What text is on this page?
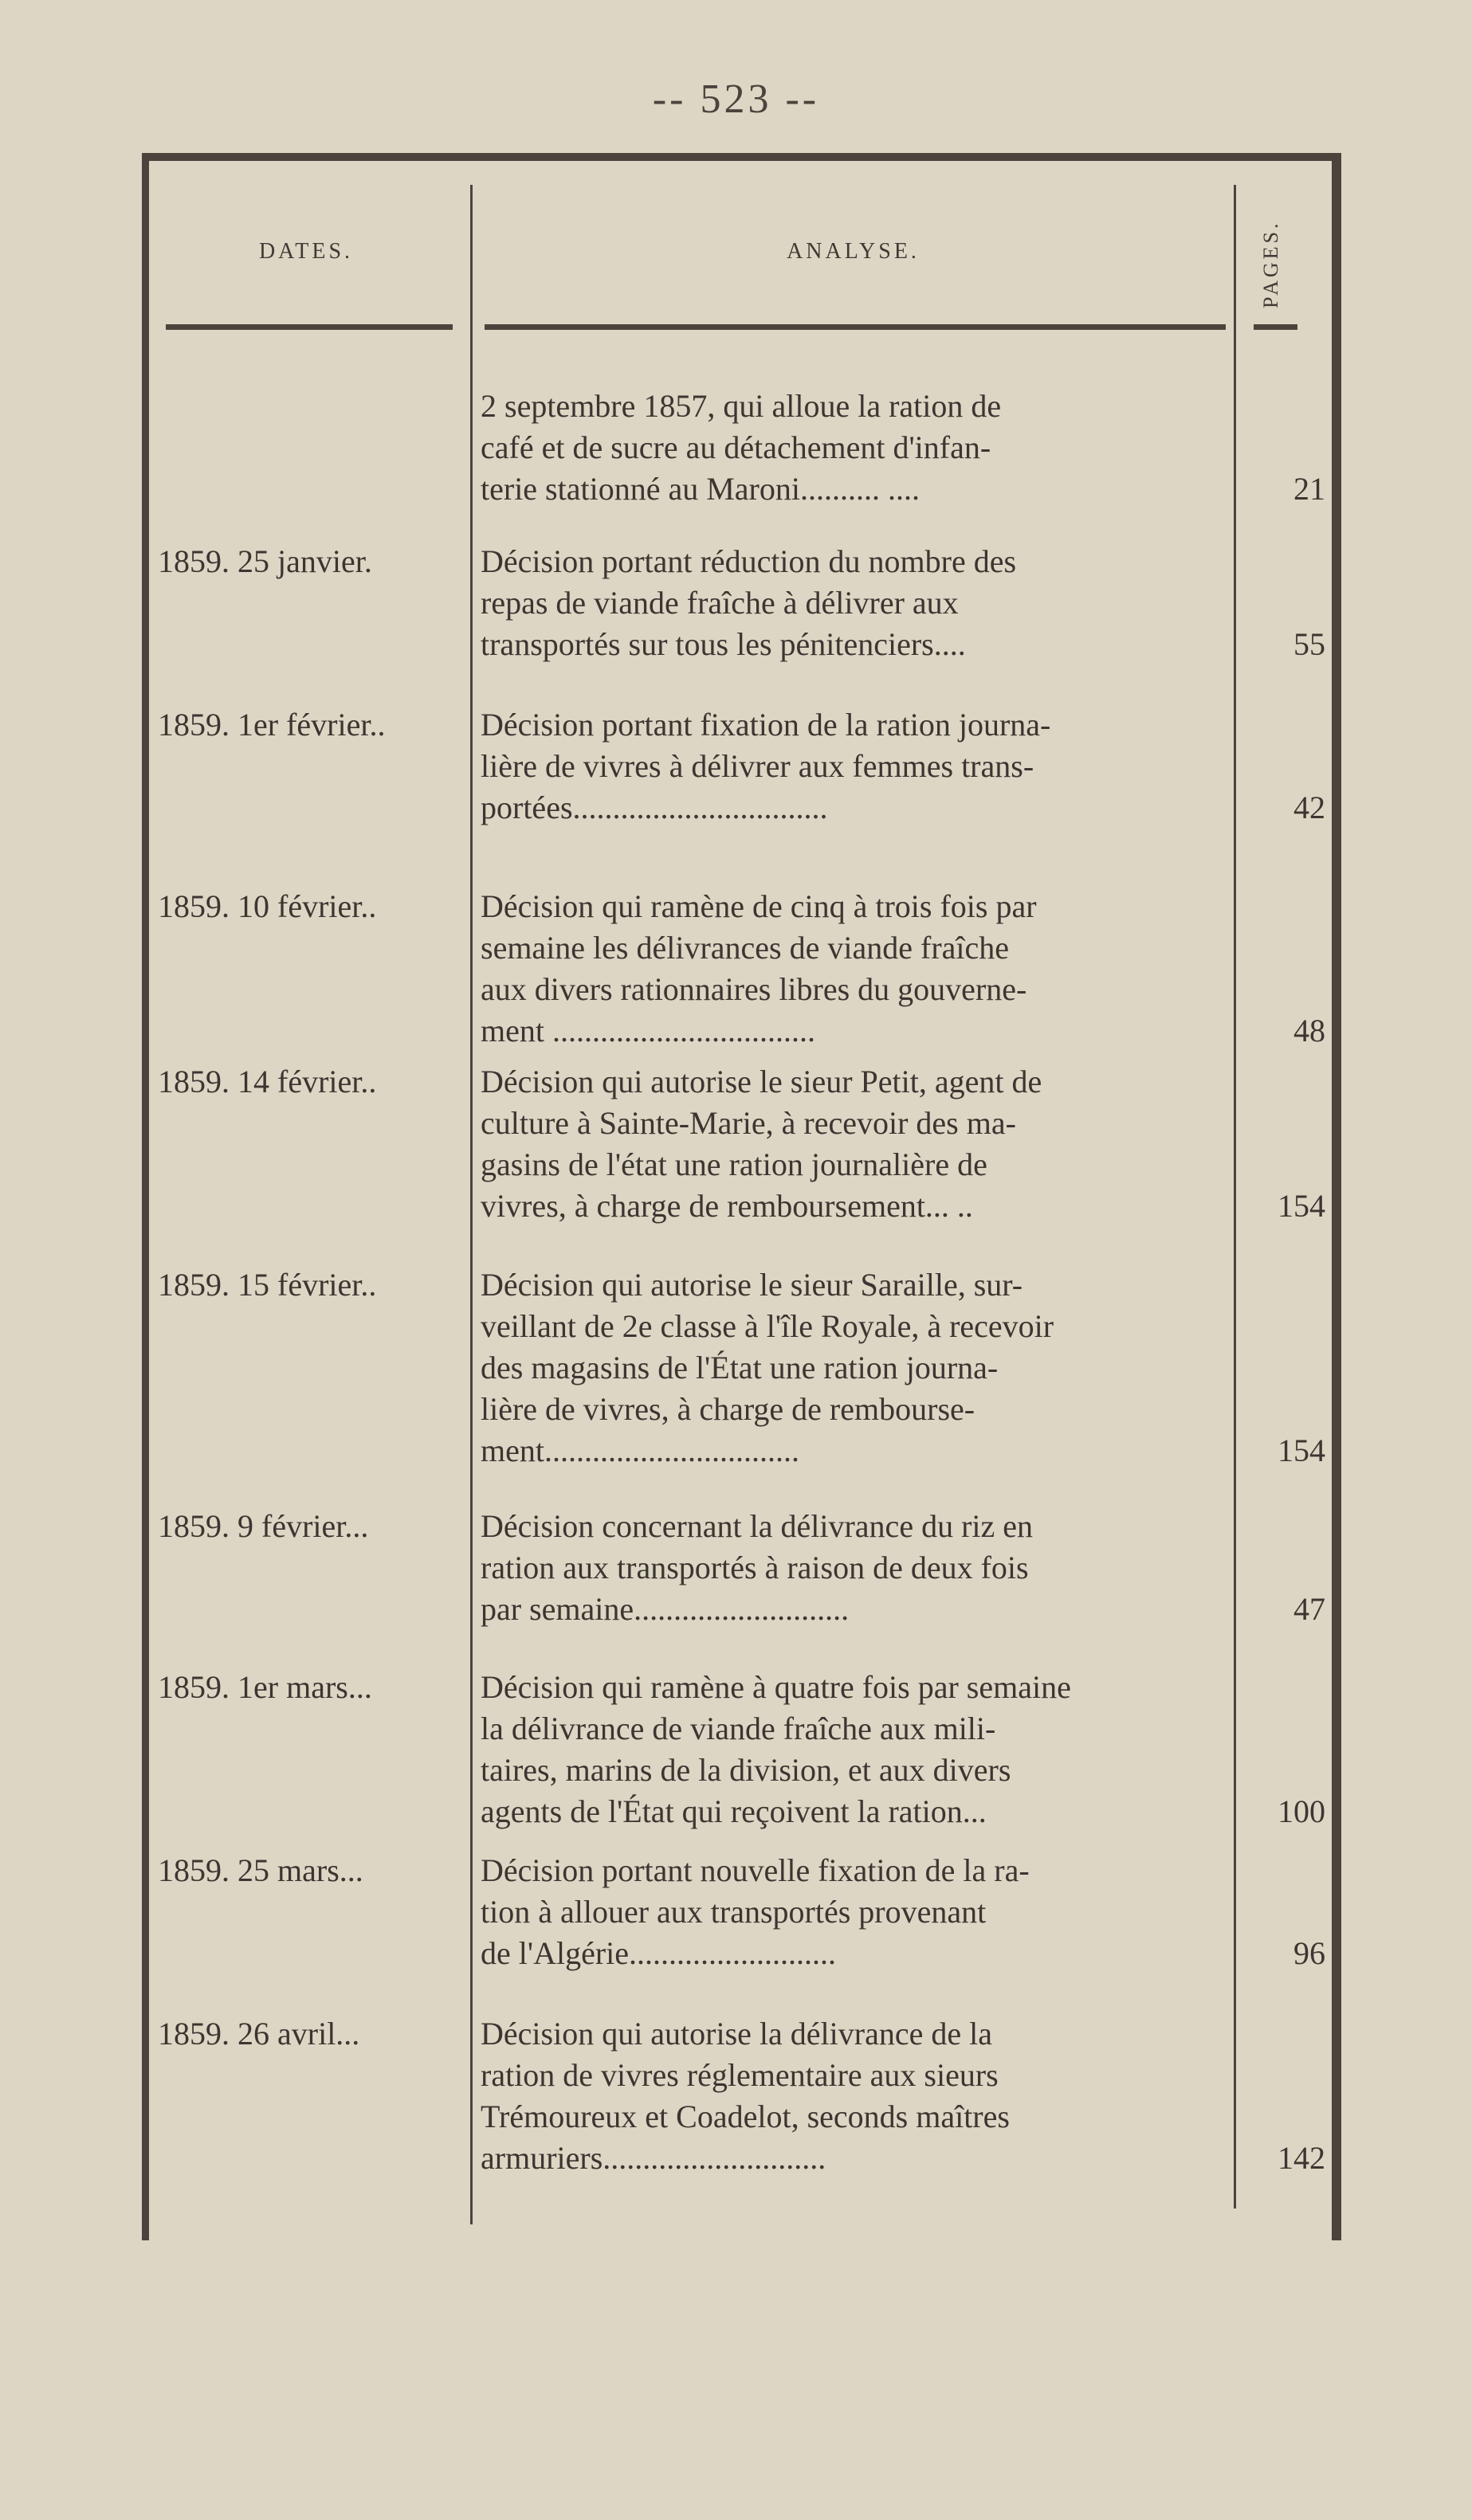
-- 523 --
DATES.	ANALYSE.	PAGES.

2 septembre 1857, qui alloue la ration de

café et de sucre au détachement d'infan-

terie stationné au Maroni.......... ....	21
1859. 25 janvier.	Décision portant réduction du nombre des

repas de viande fraîche à délivrer aux

transportés sur tous les pénitenciers....	55
1859. 1er février..	Décision portant fixation de la ration journa-

lière de vivres à délivrer aux femmes trans-

portées................................	42
1859. 10 février..	Décision qui ramène de cinq à trois fois par

semaine les délivrances de viande fraîche

aux divers rationnaires libres du gouverne-

ment .................................	48
1859. 14 février..	Décision qui autorise le sieur Petit, agent de

culture à Sainte-Marie, à recevoir des ma-

gasins de l'état une ration journalière de

vivres, à charge de remboursement... ..	154
1859. 15 février..	Décision qui autorise le sieur Saraille, sur-

veillant de 2e classe à l'île Royale, à recevoir

des magasins de l'État une ration journa-

lière de vivres, à charge de rembourse-

ment................................	154
1859. 9 février...	Décision concernant la délivrance du riz en

ration aux transportés à raison de deux fois

par semaine...........................	47
1859. 1er mars...	Décision qui ramène à quatre fois par semaine

la délivrance de viande fraîche aux mili-

taires, marins de la division, et aux divers

agents de l'État qui reçoivent la ration...	100
1859. 25 mars...	Décision portant nouvelle fixation de la ra-

tion à allouer aux transportés provenant

de l'Algérie..........................	96
1859. 26 avril...	Décision qui autorise la délivrance de la

ration de vivres réglementaire aux sieurs

Trémoureux et Coadelot, seconds maîtres

armuriers............................	142
